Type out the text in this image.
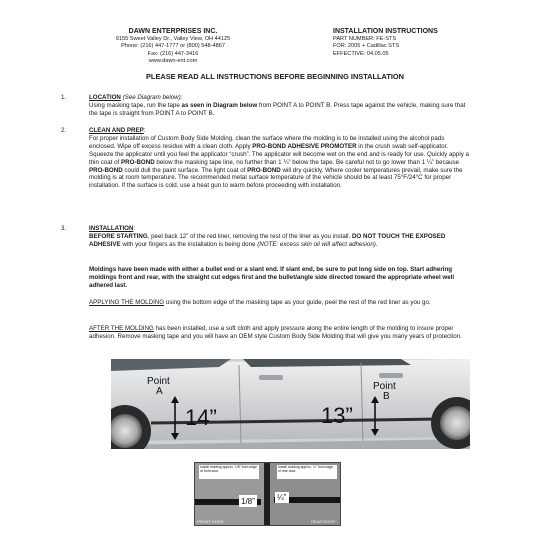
DAWN ENTERPRISES INC.
9155 Sweet Valley Dr., Valley View, OH 44125
Phone: (216) 447-1777 or (800) 548-4867
Fax: (216) 447-3416
www.dawn-ent.com
INSTALLATION INSTRUCTIONS
PART NUMBER: FE-STS
FOR: 2005 + Cadillac STS
EFFECTIVE: 04.05.05
PLEASE READ ALL INSTRUCTIONS BEFORE BEGINNING INSTALLATION
1.	LOCATION (See Diagram below):
Using masking tape, run the tape as seen in Diagram below from POINT A to POINT B. Press tape against the vehicle, making sure that the tape is straight from POINT A to POINT B.
2.	CLEAN AND PREP:
For proper installation of Custom Body Side Molding, clean the surface where the molding is to be installed using the alcohol pads enclosed. Wipe off excess residue with a clean cloth. Apply PRO-BOND ADHESIVE PROMOTER in the crush swab self-applicator. Squeeze the applicator until you feel the applicator “crush”. The applicator will become wet on the end and is ready for use. Quickly apply a thin coat of PRO-BOND below the masking tape line, no further than 1 ¼” below the tape. Be careful not to go lower than 1 ¼” because PRO-BOND could dull the paint surface. The light coat of PRO-BOND will dry quickly. Where cooler temperatures prevail, make sure the molding is at room temperature. The recommended metal surface temperature of the vehicle should be at least 75°F/24°C for proper installation. If the surface is cold, use a heat gun to warm before proceeding with installation.
3.	INSTALLATION:
BEFORE STARTING, peel back 12” of the red liner, removing the rest of the liner as you install. DO NOT TOUCH THE EXPOSED ADHESIVE with your fingers as the installation is being done (NOTE: excess skin oil will affect adhesion).
Moldings have been made with either a bullet end or a slant end. If slant end, be sure to put long side on top. Start adhering moldings front and rear, with the straight cut edges first and the bullet/angle side directed toward the appropriate wheel well adhered last.
APPLYING THE MOLDING using the bottom edge of the masking tape as your guide, peel the rest of the red liner as you go.
AFTER THE MOLDING has been installed, use a soft cloth and apply pressure along the entire length of the molding to insure proper adhesion. Remove masking tape and you will have an OEM style Custom Body Side Molding that will give you many years of protection.
Point
A	Point
B
14”	13”
Install molding approx. 1/8” from edge of front door.
Install molding approx. ¼” from edge of rear door.
1/8”	¼”
FRONT DOOR	REAR DOOR
